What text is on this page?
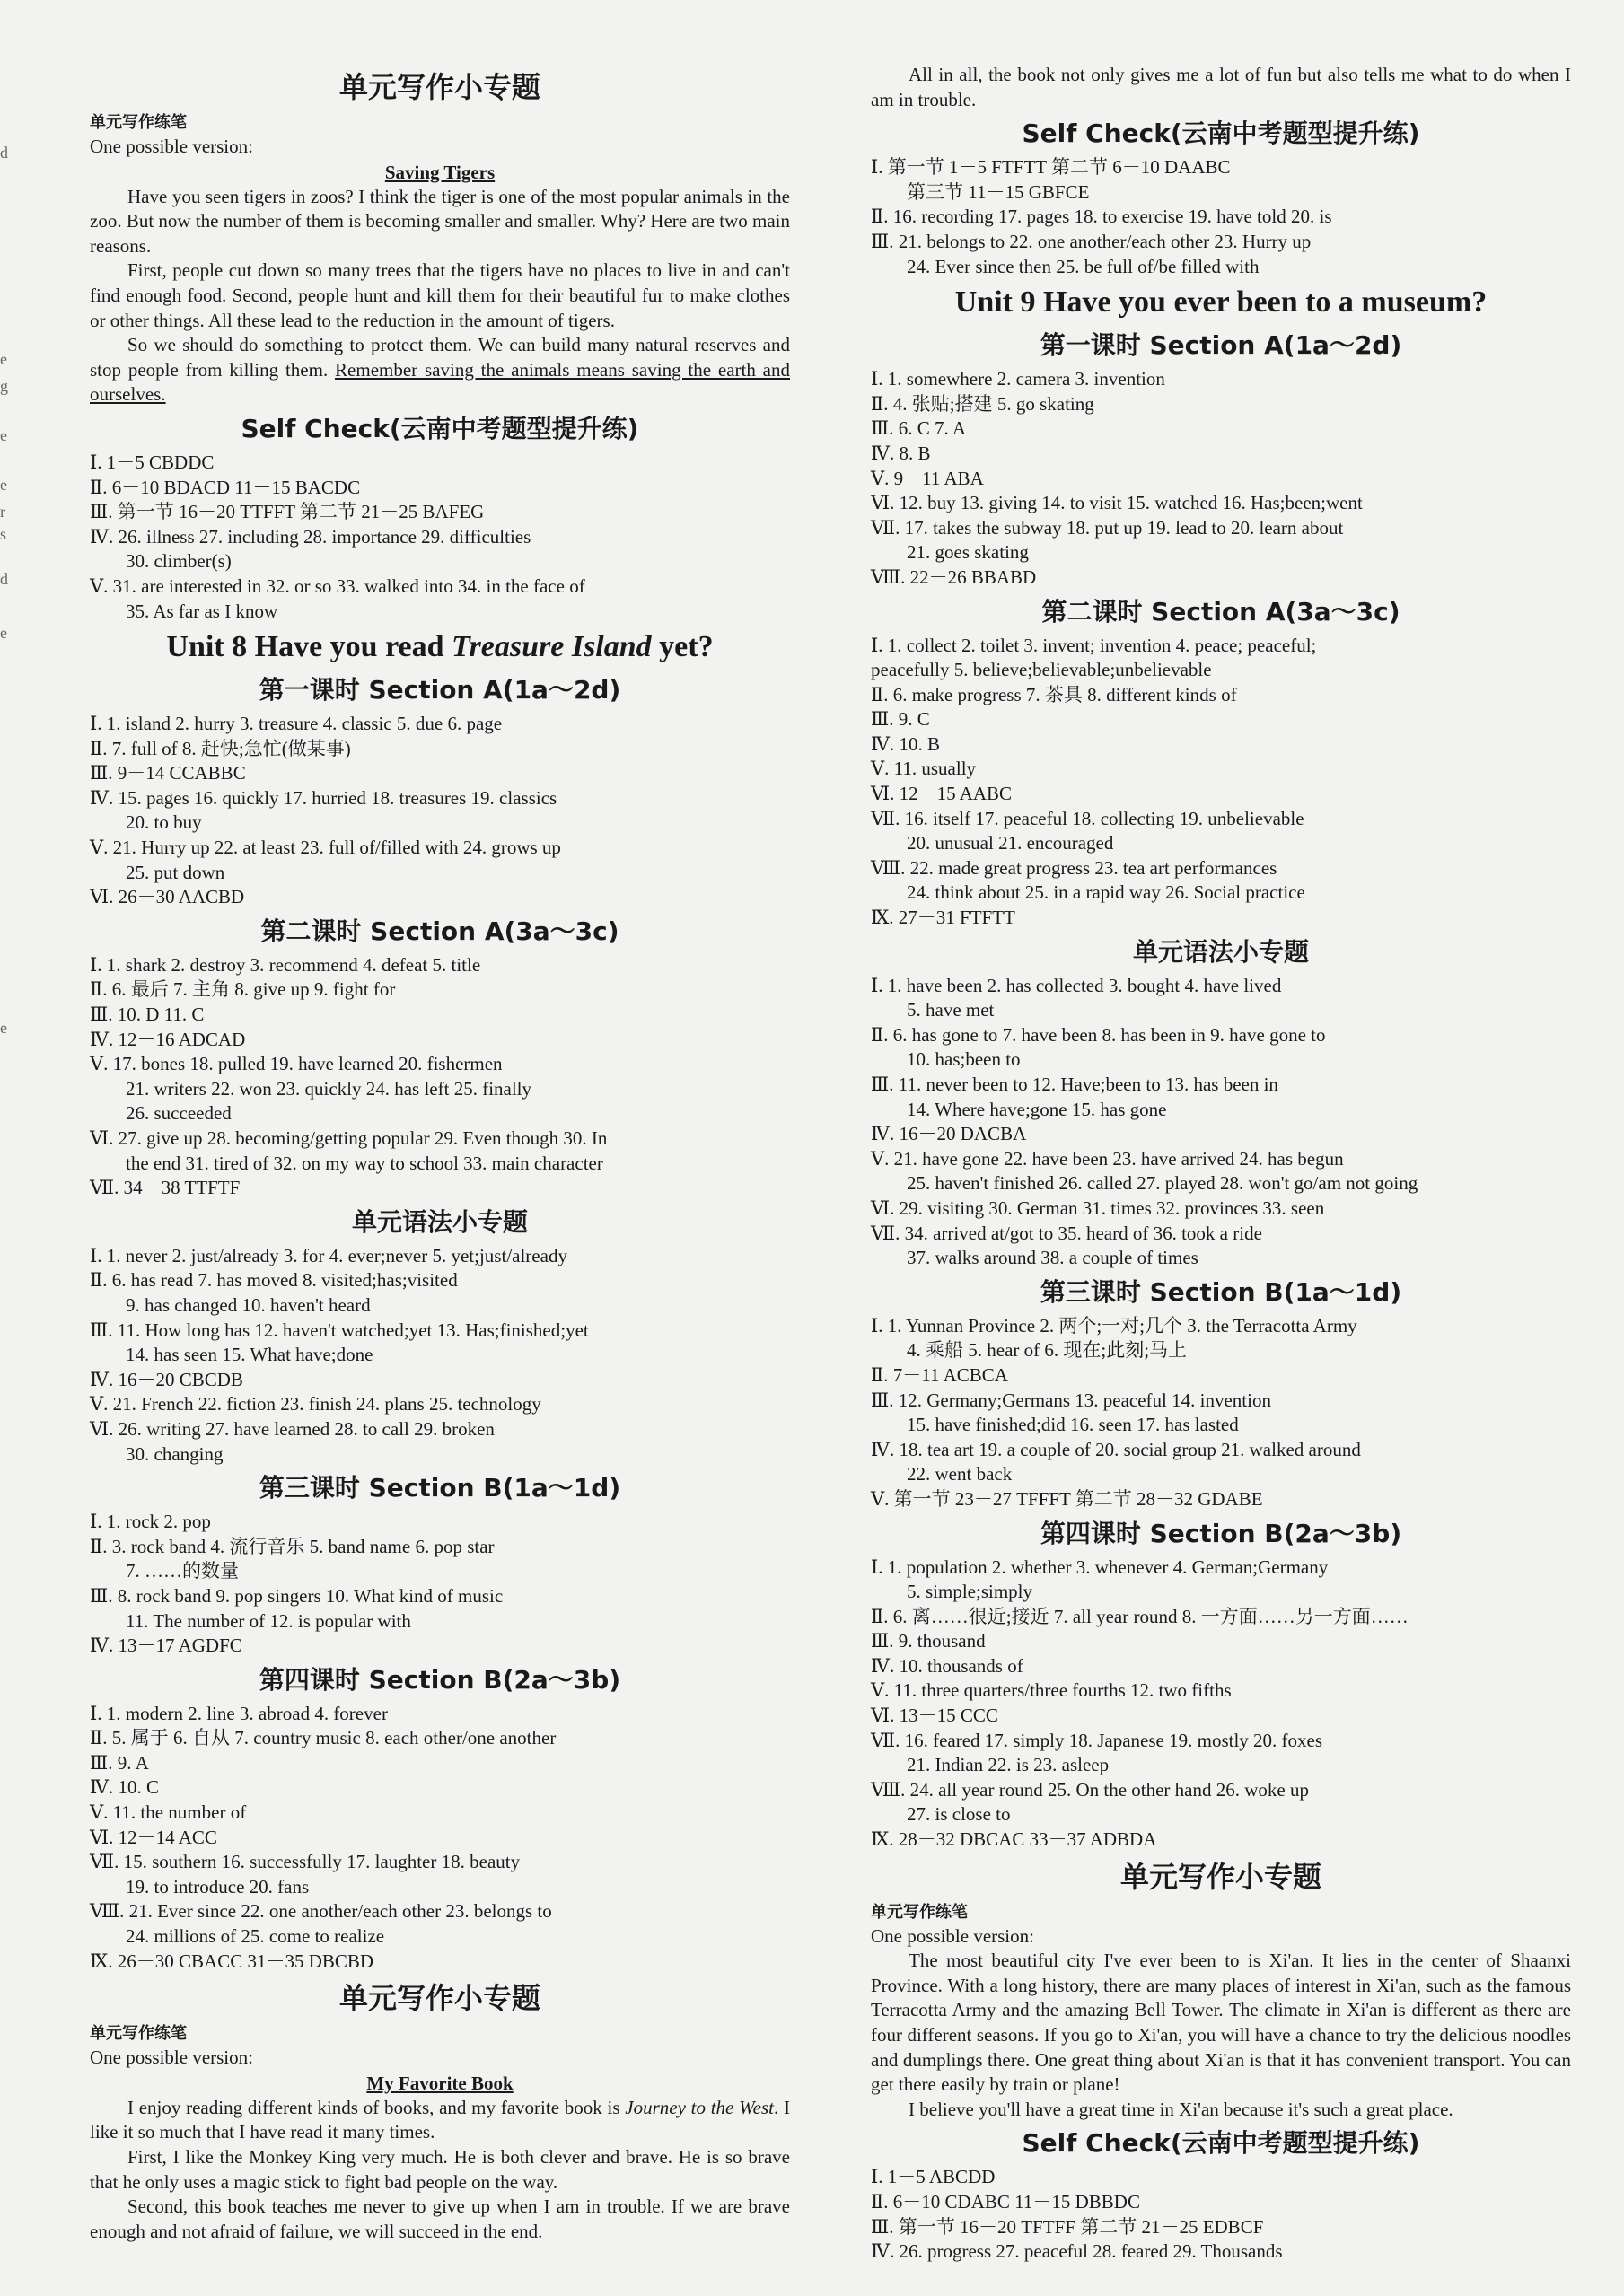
d
e
g
e
e
r
s
d
e
e
单元写作小专题
单元写作练笔
One possible version:
Saving Tigers
Have you seen tigers in zoos? I think the tiger is one of the most popular animals in the zoo. But now the number of them is becoming smaller and smaller. Why? Here are two main reasons.
First, people cut down so many trees that the tigers have no places to live in and can't find enough food. Second, people hunt and kill them for their beautiful fur to make clothes or other things. All these lead to the reduction in the amount of tigers.
So we should do something to protect them. We can build many natural reserves and stop people from killing them. Remember saving the animals means saving the earth and ourselves.
Self Check(云南中考题型提升练)
Ⅰ. 1－5 CBDDC
Ⅱ. 6－10 BDACD 11－15 BACDC
Ⅲ. 第一节 16－20 TTFFT 第二节 21－25 BAFEG
Ⅳ. 26. illness 27. including 28. importance 29. difficulties
30. climber(s)
Ⅴ. 31. are interested in 32. or so 33. walked into 34. in the face of
35. As far as I know
Unit 8 Have you read Treasure Island yet?
第一课时 Section A(1a～2d)
Ⅰ. 1. island 2. hurry 3. treasure 4. classic 5. due 6. page
Ⅱ. 7. full of 8. 赶快;急忙(做某事)
Ⅲ. 9－14 CCABBC
Ⅳ. 15. pages 16. quickly 17. hurried 18. treasures 19. classics
20. to buy
Ⅴ. 21. Hurry up 22. at least 23. full of/filled with 24. grows up
25. put down
Ⅵ. 26－30 AACBD
第二课时 Section A(3a～3c)
Ⅰ. 1. shark 2. destroy 3. recommend 4. defeat 5. title
Ⅱ. 6. 最后 7. 主角 8. give up 9. fight for
Ⅲ. 10. D 11. C
Ⅳ. 12－16 ADCAD
Ⅴ. 17. bones 18. pulled 19. have learned 20. fishermen
21. writers 22. won 23. quickly 24. has left 25. finally
26. succeeded
Ⅵ. 27. give up 28. becoming/getting popular 29. Even though 30. In
the end 31. tired of 32. on my way to school 33. main character
Ⅶ. 34－38 TTFTF
单元语法小专题
Ⅰ. 1. never 2. just/already 3. for 4. ever;never 5. yet;just/already
Ⅱ. 6. has read 7. has moved 8. visited;has;visited
9. has changed 10. haven't heard
Ⅲ. 11. How long has 12. haven't watched;yet 13. Has;finished;yet
14. has seen 15. What have;done
Ⅳ. 16－20 CBCDB
Ⅴ. 21. French 22. fiction 23. finish 24. plans 25. technology
Ⅵ. 26. writing 27. have learned 28. to call 29. broken
30. changing
第三课时 Section B(1a～1d)
Ⅰ. 1. rock 2. pop
Ⅱ. 3. rock band 4. 流行音乐 5. band name 6. pop star
7. ……的数量
Ⅲ. 8. rock band 9. pop singers 10. What kind of music
11. The number of 12. is popular with
Ⅳ. 13－17 AGDFC
第四课时 Section B(2a～3b)
Ⅰ. 1. modern 2. line 3. abroad 4. forever
Ⅱ. 5. 属于 6. 自从 7. country music 8. each other/one another
Ⅲ. 9. A
Ⅳ. 10. C
Ⅴ. 11. the number of
Ⅵ. 12－14 ACC
Ⅶ. 15. southern 16. successfully 17. laughter 18. beauty
19. to introduce 20. fans
Ⅷ. 21. Ever since 22. one another/each other 23. belongs to
24. millions of 25. come to realize
Ⅸ. 26－30 CBACC 31－35 DBCBD
单元写作小专题
单元写作练笔
One possible version:
My Favorite Book
I enjoy reading different kinds of books, and my favorite book is Journey to the West. I like it so much that I have read it many times.
First, I like the Monkey King very much. He is both clever and brave. He is so brave that he only uses a magic stick to fight bad people on the way.
Second, this book teaches me never to give up when I am in trouble. If we are brave enough and not afraid of failure, we will succeed in the end.
All in all, the book not only gives me a lot of fun but also tells me what to do when I am in trouble.
Self Check(云南中考题型提升练)
Ⅰ. 第一节 1－5 FTFTT 第二节 6－10 DAABC
第三节 11－15 GBFCE
Ⅱ. 16. recording 17. pages 18. to exercise 19. have told 20. is
Ⅲ. 21. belongs to 22. one another/each other 23. Hurry up
24. Ever since then 25. be full of/be filled with
Unit 9 Have you ever been to a museum?
第一课时 Section A(1a～2d)
Ⅰ. 1. somewhere 2. camera 3. invention
Ⅱ. 4. 张贴;搭建 5. go skating
Ⅲ. 6. C 7. A
Ⅳ. 8. B
Ⅴ. 9－11 ABA
Ⅵ. 12. buy 13. giving 14. to visit 15. watched 16. Has;been;went
Ⅶ. 17. takes the subway 18. put up 19. lead to 20. learn about
21. goes skating
Ⅷ. 22－26 BBABD
第二课时 Section A(3a～3c)
Ⅰ. 1. collect 2. toilet 3. invent; invention 4. peace; peaceful;
peacefully 5. believe;believable;unbelievable
Ⅱ. 6. make progress 7. 茶具 8. different kinds of
Ⅲ. 9. C
Ⅳ. 10. B
Ⅴ. 11. usually
Ⅵ. 12－15 AABC
Ⅶ. 16. itself 17. peaceful 18. collecting 19. unbelievable
20. unusual 21. encouraged
Ⅷ. 22. made great progress 23. tea art performances
24. think about 25. in a rapid way 26. Social practice
Ⅸ. 27－31 FTFTT
单元语法小专题
Ⅰ. 1. have been 2. has collected 3. bought 4. have lived
5. have met
Ⅱ. 6. has gone to 7. have been 8. has been in 9. have gone to
10. has;been to
Ⅲ. 11. never been to 12. Have;been to 13. has been in
14. Where have;gone 15. has gone
Ⅳ. 16－20 DACBA
Ⅴ. 21. have gone 22. have been 23. have arrived 24. has begun
25. haven't finished 26. called 27. played 28. won't go/am not going
Ⅵ. 29. visiting 30. German 31. times 32. provinces 33. seen
Ⅶ. 34. arrived at/got to 35. heard of 36. took a ride
37. walks around 38. a couple of times
第三课时 Section B(1a～1d)
Ⅰ. 1. Yunnan Province 2. 两个;一对;几个 3. the Terracotta Army
4. 乘船 5. hear of 6. 现在;此刻;马上
Ⅱ. 7－11 ACBCA
Ⅲ. 12. Germany;Germans 13. peaceful 14. invention
15. have finished;did 16. seen 17. has lasted
Ⅳ. 18. tea art 19. a couple of 20. social group 21. walked around
22. went back
Ⅴ. 第一节 23－27 TFFFT 第二节 28－32 GDABE
第四课时 Section B(2a～3b)
Ⅰ. 1. population 2. whether 3. whenever 4. German;Germany
5. simple;simply
Ⅱ. 6. 离……很近;接近 7. all year round 8. 一方面……另一方面……
Ⅲ. 9. thousand
Ⅳ. 10. thousands of
Ⅴ. 11. three quarters/three fourths 12. two fifths
Ⅵ. 13－15 CCC
Ⅶ. 16. feared 17. simply 18. Japanese 19. mostly 20. foxes
21. Indian 22. is 23. asleep
Ⅷ. 24. all year round 25. On the other hand 26. woke up
27. is close to
Ⅸ. 28－32 DBCAC 33－37 ADBDA
单元写作小专题
单元写作练笔
One possible version:
The most beautiful city I've ever been to is Xi'an. It lies in the center of Shaanxi Province. With a long history, there are many places of interest in Xi'an, such as the famous Terracotta Army and the amazing Bell Tower. The climate in Xi'an is different as there are four different seasons. If you go to Xi'an, you will have a chance to try the delicious noodles and dumplings there. One great thing about Xi'an is that it has convenient transport. You can get there easily by train or plane!
I believe you'll have a great time in Xi'an because it's such a great place.
Self Check(云南中考题型提升练)
Ⅰ. 1－5 ABCDD
Ⅱ. 6－10 CDABC 11－15 DBBDC
Ⅲ. 第一节 16－20 TFTFF 第二节 21－25 EDBCF
Ⅳ. 26. progress 27. peaceful 28. feared 29. Thousands
